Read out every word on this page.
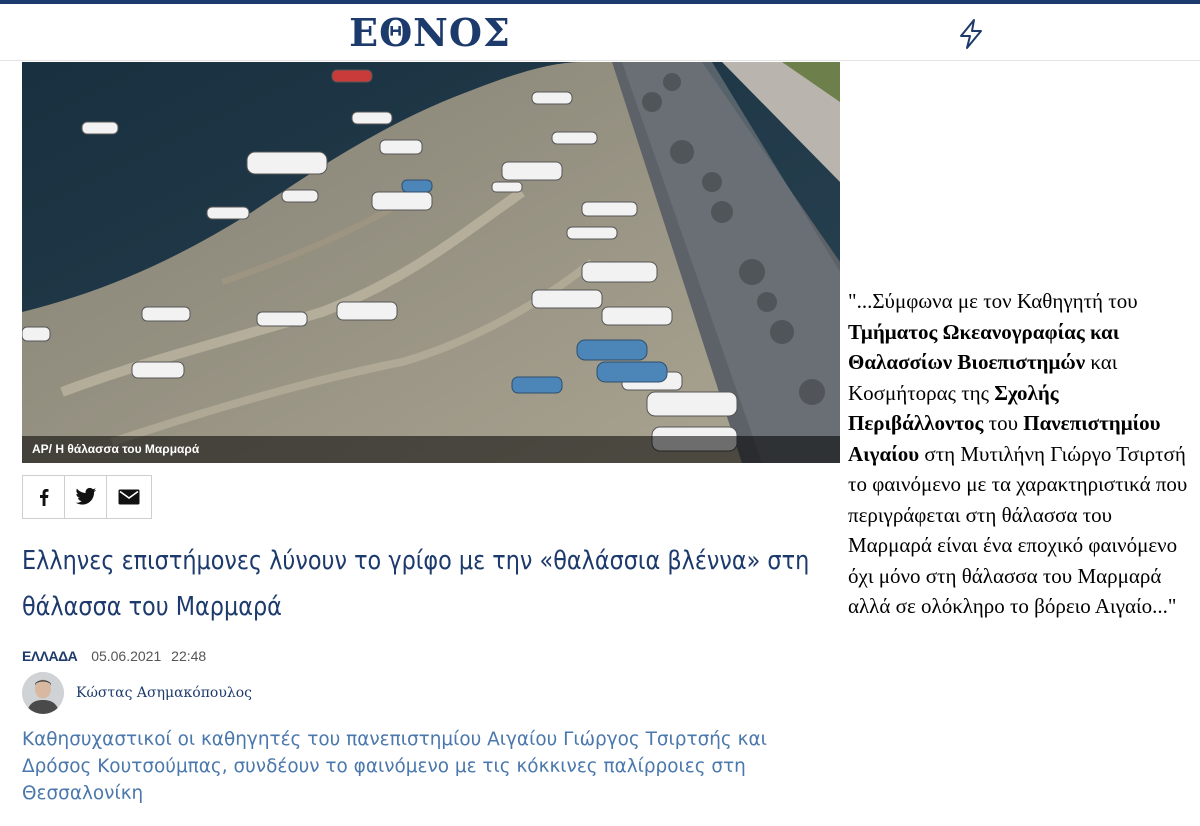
ΕΘΝΟΣ
AP/ Η θάλασσα του Μαρμαρά
Ελληνες επιστήμονες λύνουν το γρίφο με την «θαλάσσια βλέννα» στη θάλασσα του Μαρμαρά
ΕΛΛΑΔΑ 05.06.2021 22:48
Κώστας Ασημακόπουλος
Καθησυχαστικοί οι καθηγητές του πανεπιστημίου Αιγαίου Γιώργος Τσιρτσής και Δρόσος Κουτσούμπας, συνδέουν το φαινόμενο με τις κόκκινες παλίρροιες στη Θεσσαλονίκη
"...Σύμφωνα με τον Καθηγητή του Τμήματος Ωκεανογραφίας και Θαλασσίων Βιοεπιστημών και Κοσμήτορας της Σχολής Περιβάλλοντος του Πανεπιστημίου Αιγαίου στη Μυτιλήνη Γιώργο Τσιρτσή το φαινόμενο με τα χαρακτηριστικά που περιγράφεται στη θάλασσα του Μαρμαρά είναι ένα εποχικό φαινόμενο όχι μόνο στη θάλασσα του Μαρμαρά αλλά σε ολόκληρο το βόρειο Αιγαίο..."
